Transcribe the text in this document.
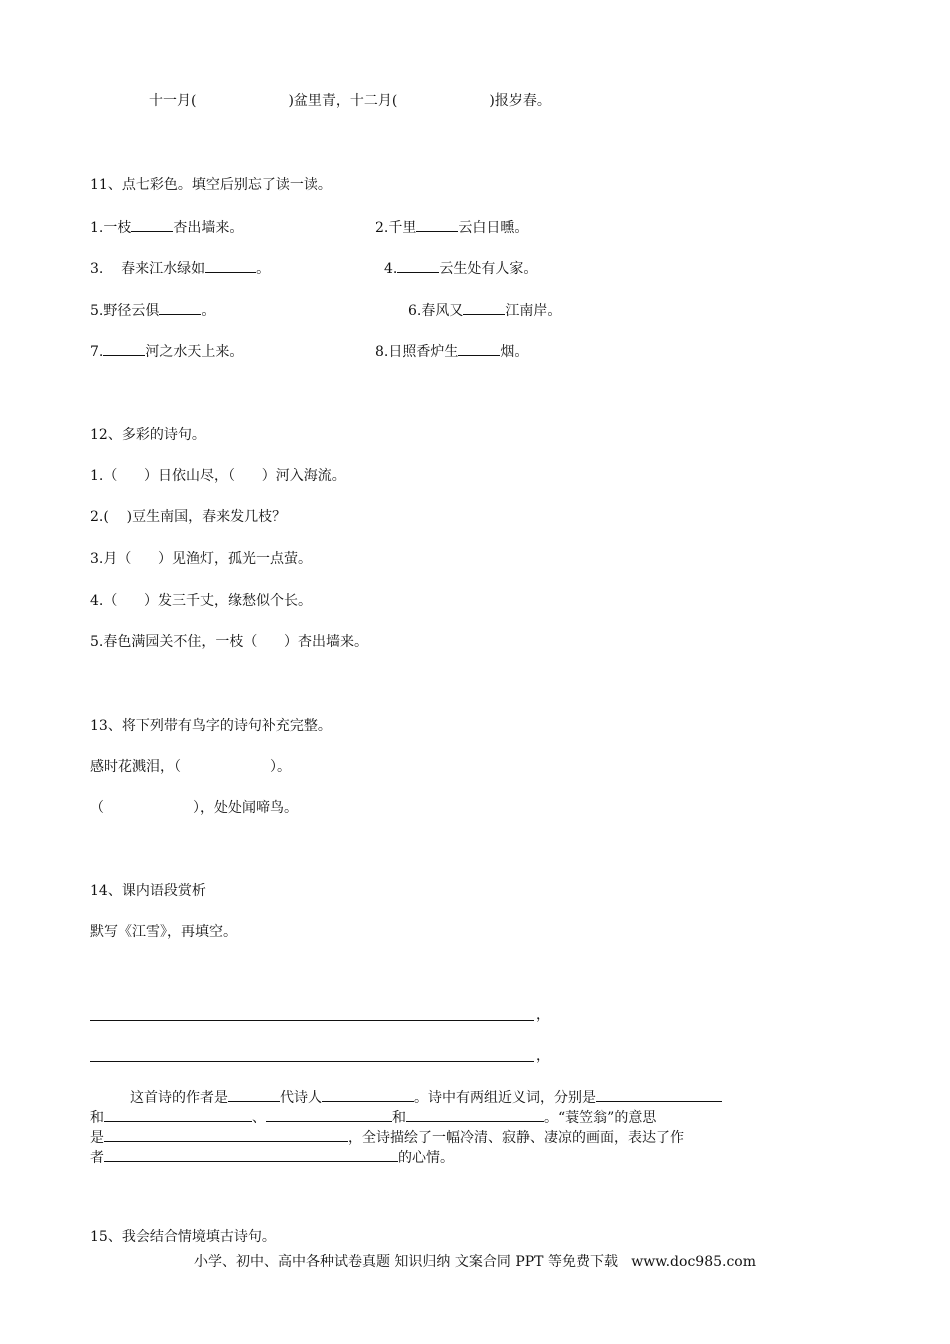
十一月(	)盆里青，十二月(	)报岁春。
11、点七彩色。填空后别忘了读一读。
1.一枝	杏出墙来。	2.千里	云白日曛。
3.    春来江水绿如	。	4.	云生处有人家。
5.野径云俱	。	6.春风又	江南岸。
7.	河之水天上来。	8.日照香炉生	烟。
12、多彩的诗句。
1.（      ）日依山尽，（      ）河入海流。
2.(    )豆生南国，春来发几枝？
3.月（      ）见渔灯，孤光一点萤。
4.（      ）发三千丈，缘愁似个长。
5.春色满园关不住，一枝（      ）杏出墙来。
13、将下列带有鸟字的诗句补充完整。
感时花溅泪，（                    ）。
（                    ），处处闻啼鸟。
14、课内语段赏析
默写《江雪》，再填空。
，
，
这首诗的作者是	代诗人	。诗中有两组近义词，分别是
和	、	和	。“蓑笠翁”的意思
是	，全诗描绘了一幅冷清、寂静、凄凉的画面，表达了作
者	的心情。
15、我会结合情境填古诗句。
小学、初中、高中各种试卷真题 知识归纳 文案合同 PPT 等免费下载   www.doc985.com
